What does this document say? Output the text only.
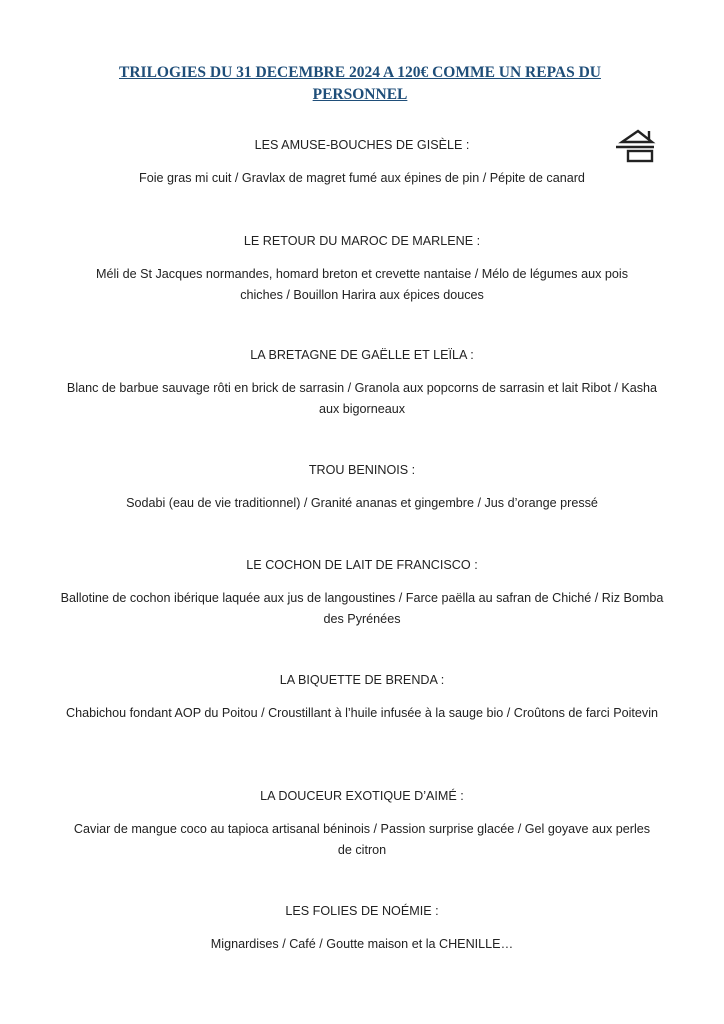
TRILOGIES DU 31 DECEMBRE 2024 A 120€ COMME UN REPAS DU PERSONNEL
LES AMUSE-BOUCHES DE GISÈLE :

Foie gras mi cuit / Gravlax de magret fumé aux épines de pin / Pépite de canard

LE RETOUR DU MAROC DE MARLENE :

Méli de St Jacques normandes, homard breton et crevette nantaise / Mélo de légumes aux pois chiches / Bouillon Harira aux épices douces

LA BRETAGNE DE GAËLLE ET LEÏLA :

Blanc de barbue sauvage rôti en brick de sarrasin / Granola aux popcorns de sarrasin et lait Ribot / Kasha aux bigorneaux

TROU BENINOIS :

Sodabi (eau de vie traditionnel) / Granité ananas et gingembre / Jus d’orange pressé

LE COCHON DE LAIT DE FRANCISCO :

Ballotine de cochon ibérique laquée aux jus de langoustines / Farce paëlla au safran de Chiché / Riz Bomba des Pyrénées

LA BIQUETTE DE BRENDA :

Chabichou fondant AOP du Poitou / Croustillant à l’huile infusée à la sauge bio / Croûtons de farci Poitevin

LA DOUCEUR EXOTIQUE D’AIMÉ :

Caviar de mangue coco au tapioca artisanal béninois / Passion surprise glacée / Gel goyave aux perles de citron

LES FOLIES DE NOÉMIE :

Mignardises / Café / Goutte maison et la CHENILLE…
